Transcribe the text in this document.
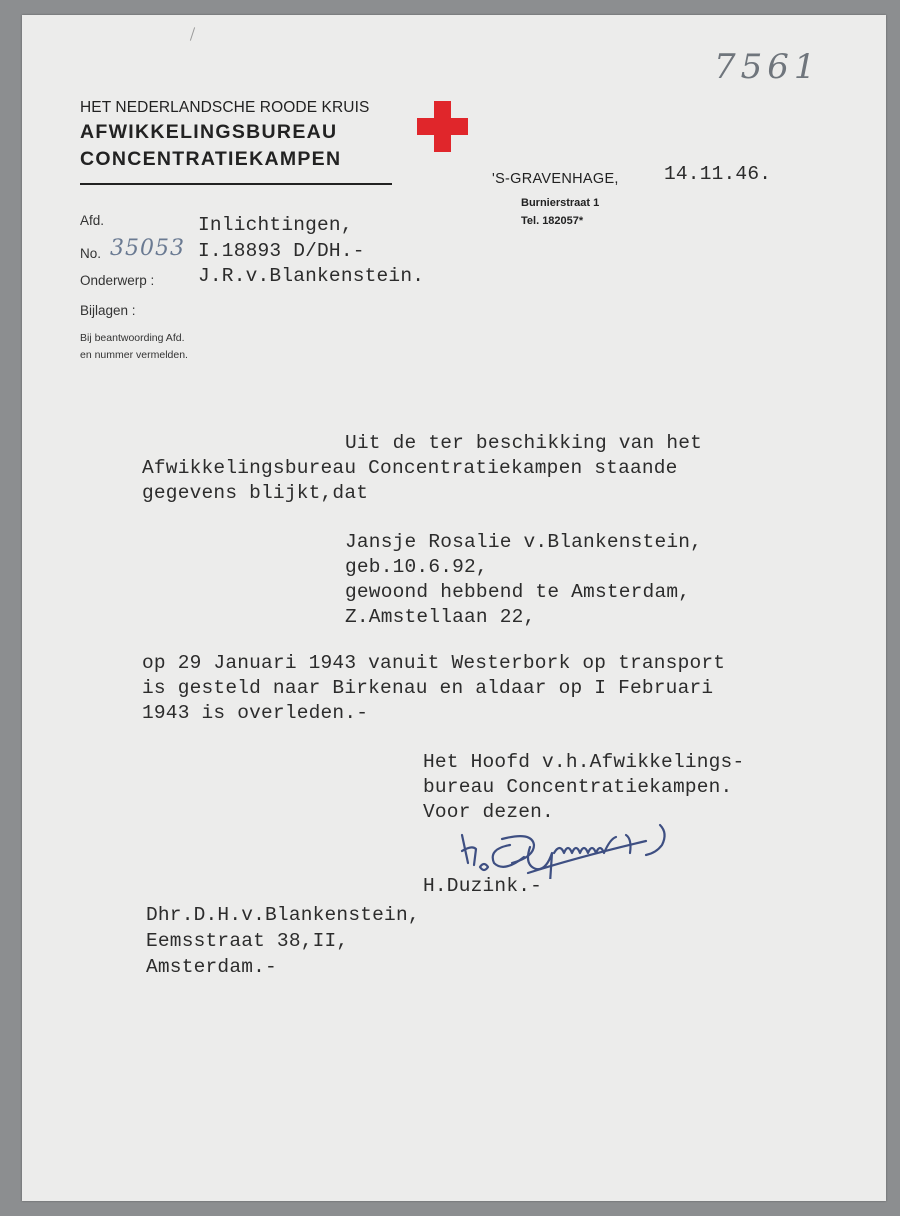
7561
HET NEDERLANDSCHE ROODE KRUIS
AFWIKKELINGSBUREAU
CONCENTRATIEKAMPEN
'S-GRAVENHAGE, 14.11.46.
Burnierstraat 1
Tel. 182057*
Afd.	Inlichtingen,
No. 35053 I.18893 D/DH.-
Onderwerp : J.R.v.Blankenstein.
Bijlagen :
Bij beantwoording Afd.
en nummer vermelden.
Uit de ter beschikking van het
Afwikkelingsbureau Concentratiekampen staande
gegevens blijkt,dat
Jansje Rosalie v.Blankenstein,
geb.10.6.92,
gewoond hebbend te Amsterdam,
Z.Amstellaan 22,
op 29 Januari 1943 vanuit Westerbork op transport
is gesteld naar Birkenau en aldaar op I Februari
1943 is overleden.-
Het Hoofd v.h.Afwikkelings-
bureau Concentratiekampen.
Voor dezen.
H.Duzink.-
Dhr.D.H.v.Blankenstein,
Eemsstraat 38,II,
Amsterdam.-
